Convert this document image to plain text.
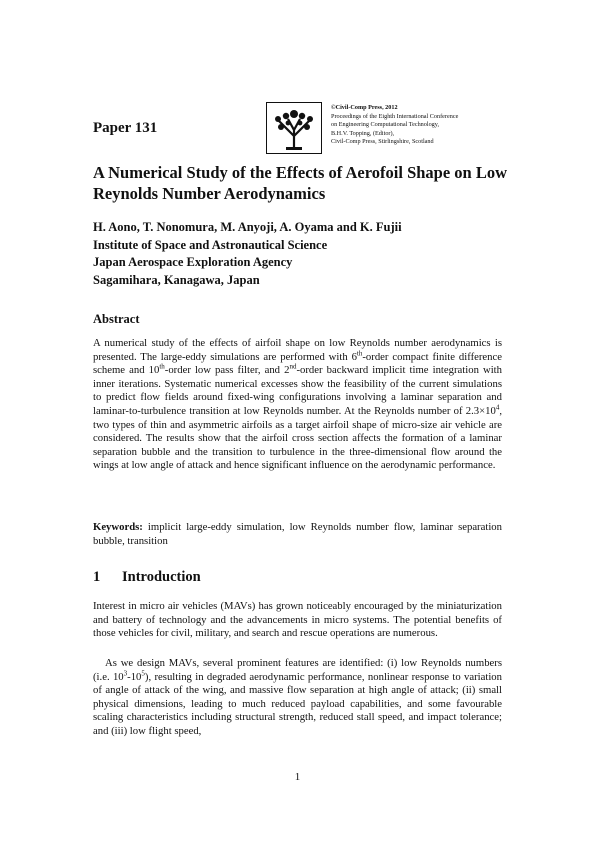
Paper 131
©Civil-Comp Press, 2012
Proceedings of the Eighth International Conference
on Engineering Computational Technology,
B.H.V. Topping, (Editor),
Civil-Comp Press, Stirlingshire, Scotland
A Numerical Study of the Effects of Aerofoil Shape on Low Reynolds Number Aerodynamics
H. Aono, T. Nonomura, M. Anyoji, A. Oyama and K. Fujii
Institute of Space and Astronautical Science
Japan Aerospace Exploration Agency
Sagamihara, Kanagawa, Japan
Abstract
A numerical study of the effects of airfoil shape on low Reynolds number aerodynamics is presented. The large-eddy simulations are performed with 6th-order compact finite difference scheme and 10th-order low pass filter, and 2nd-order backward implicit time integration with inner iterations. Systematic numerical excesses show the feasibility of the current simulations to predict flow fields around fixed-wing configurations involving a laminar separation and laminar-to-turbulence transition at low Reynolds number. At the Reynolds number of $2.3\times 10^4$, two types of thin and asymmetric airfoils as a target airfoil shape of micro-size air vehicle are considered. The results show that the airfoil cross section affects the formation of a laminar separation bubble and the transition to turbulence in the three-dimensional flow around the wings at low angle of attack and hence significant influence on the aerodynamic performance.
Keywords: implicit large-eddy simulation, low Reynolds number flow, laminar separation bubble, transition
1 Introduction
Interest in micro air vehicles (MAVs) has grown noticeably encouraged by the miniaturization and battery of technology and the advancements in micro systems. The potential benefits of those vehicles for civil, military, and search and rescue operations are numerous.
As we design MAVs, several prominent features are identified: (i) low Reynolds numbers (i.e. $10^3-10^5$), resulting in degraded aerodynamic performance, nonlinear response to variation of angle of attack of the wing, and massive flow separation at high angle of attack; (ii) small physical dimensions, leading to much reduced payload capabilities, and some favourable scaling characteristics including structural strength, reduced stall speed, and impact tolerance; and (iii) low flight speed,
1
